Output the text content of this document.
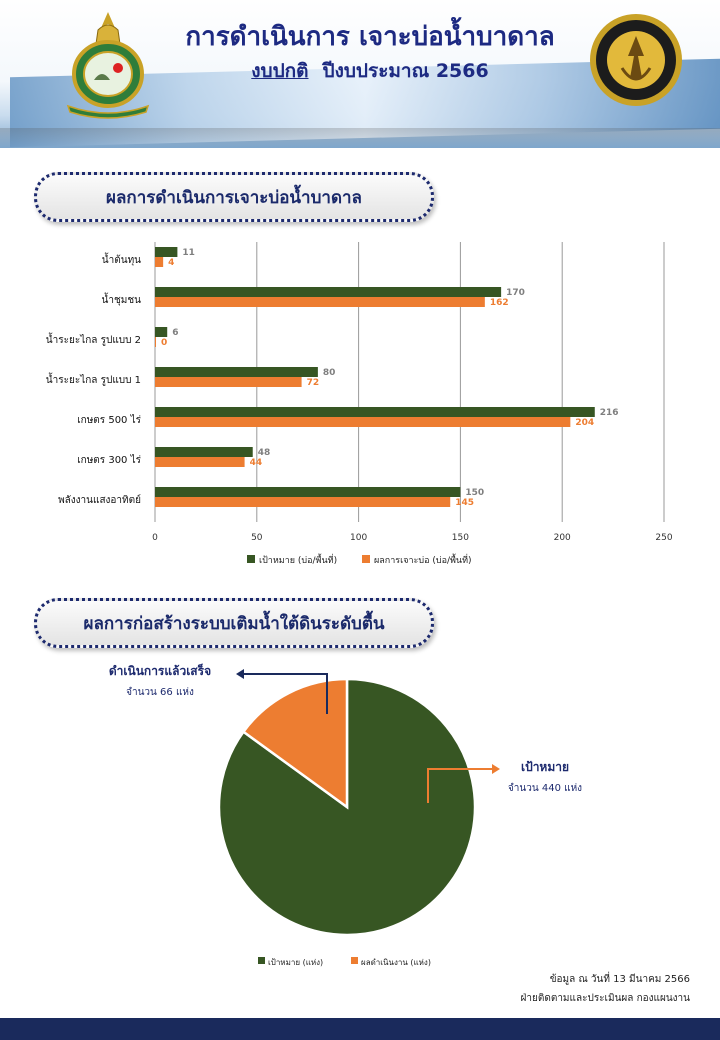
การดำเนินการ เจาะบ่อน้ำบาดาล
งบปกติ ปีงบประมาณ 2566
ผลการดำเนินการเจาะบ่อน้ำบาดาล
0	50	100	150	200	250
น้ำต้นทุน
11
4
น้ำชุมชน
170
162
น้ำระยะไกล รูปแบบ 2
6
0
น้ำระยะไกล รูปแบบ 1
80
72
เกษตร 500 ไร่
216
204
เกษตร 300 ไร่
48
44
พลังงานแสงอาทิตย์
150
145
เป้าหมาย (บ่อ/พื้นที่)	ผลการเจาะบ่อ (บ่อ/พื้นที่)
ผลการก่อสร้างระบบเติมน้ำใต้ดินระดับตื้น
ดำเนินการแล้วเสร็จ
จำนวน 66 แห่ง
เป้าหมาย
จำนวน 440 แห่ง
เป้าหมาย (แห่ง)	ผลดำเนินงาน (แห่ง)
ข้อมูล ณ วันที่ 13 มีนาคม 2566
ฝ่ายติดตามและประเมินผล กองแผนงาน
